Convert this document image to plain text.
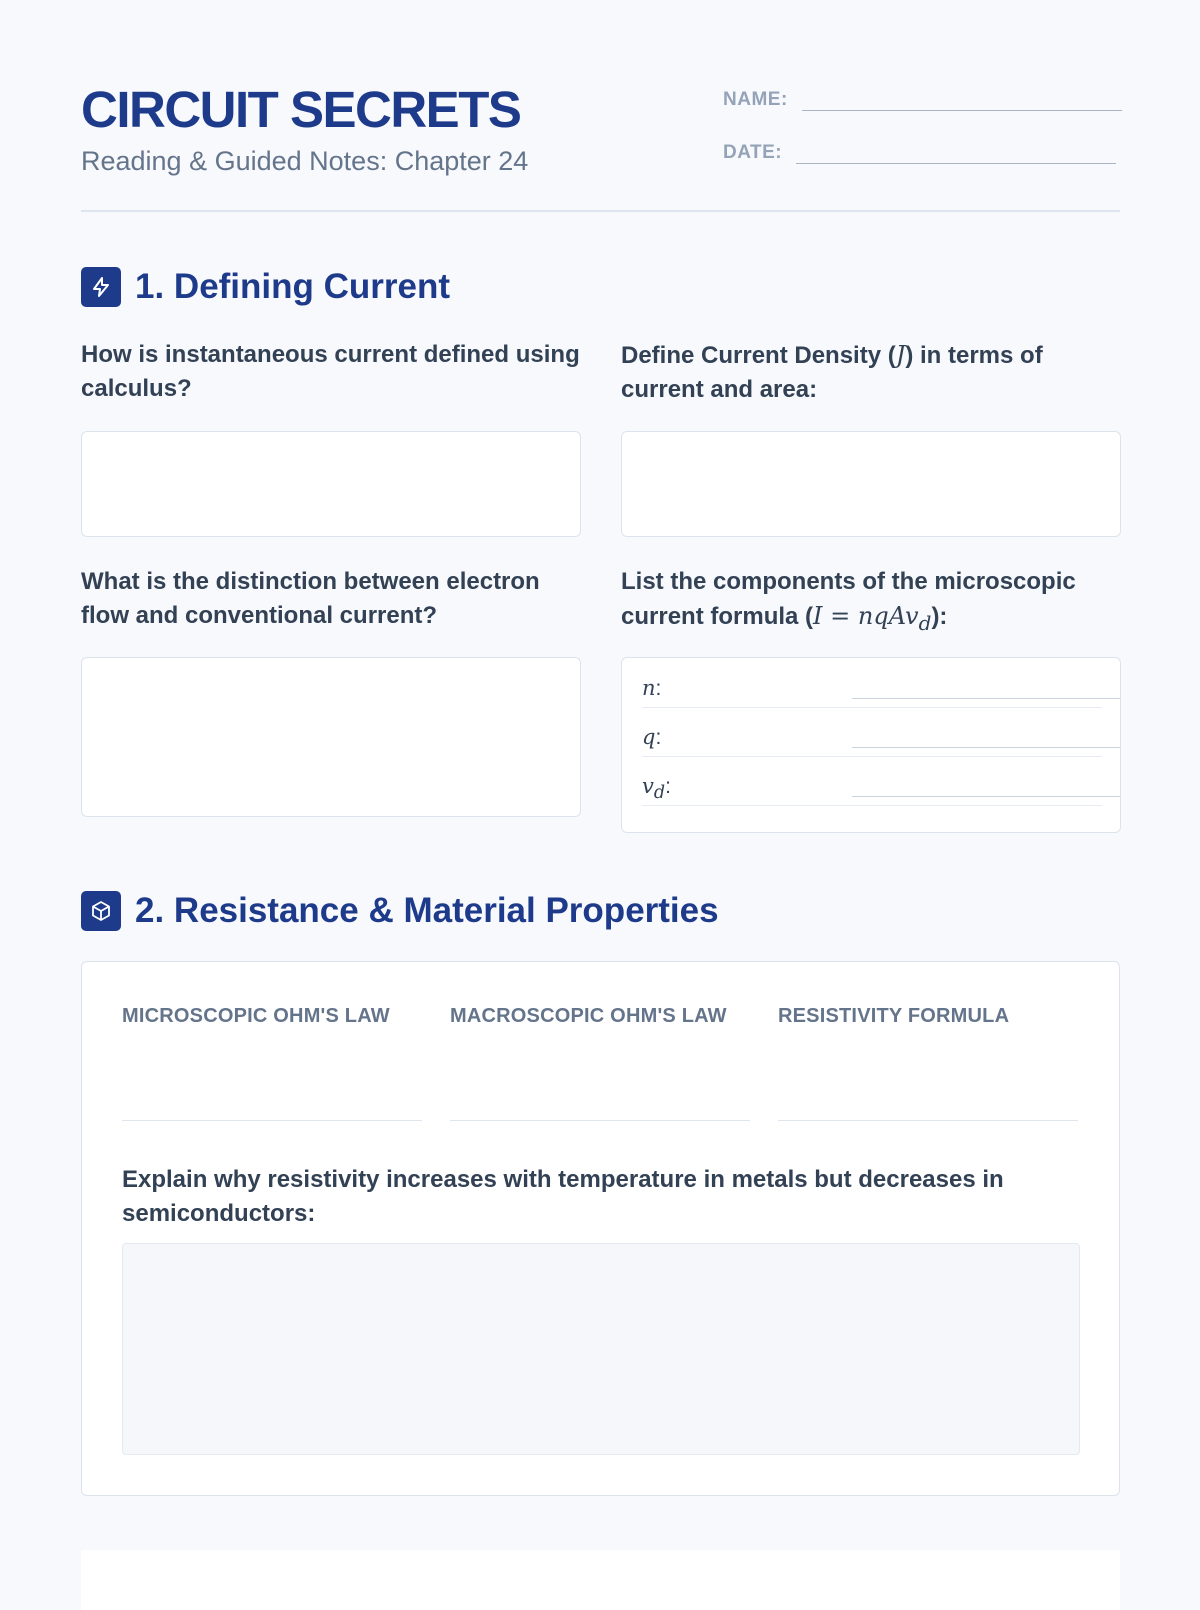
CIRCUIT SECRETS
Reading & Guided Notes: Chapter 24
NAME:
DATE:
1. Defining Current
How is instantaneous current defined using calculus?
Define Current Density (J) in terms of current and area:
What is the distinction between electron flow and conventional current?
List the components of the microscopic current formula (I = nqAv$_d$):
n:
q:
$v_d$:
2. Resistance & Material Properties
MICROSCOPIC OHM'S LAW	MACROSCOPIC OHM'S LAW	RESISTIVITY FORMULA
Explain why resistivity increases with temperature in metals but decreases in semiconductors:
